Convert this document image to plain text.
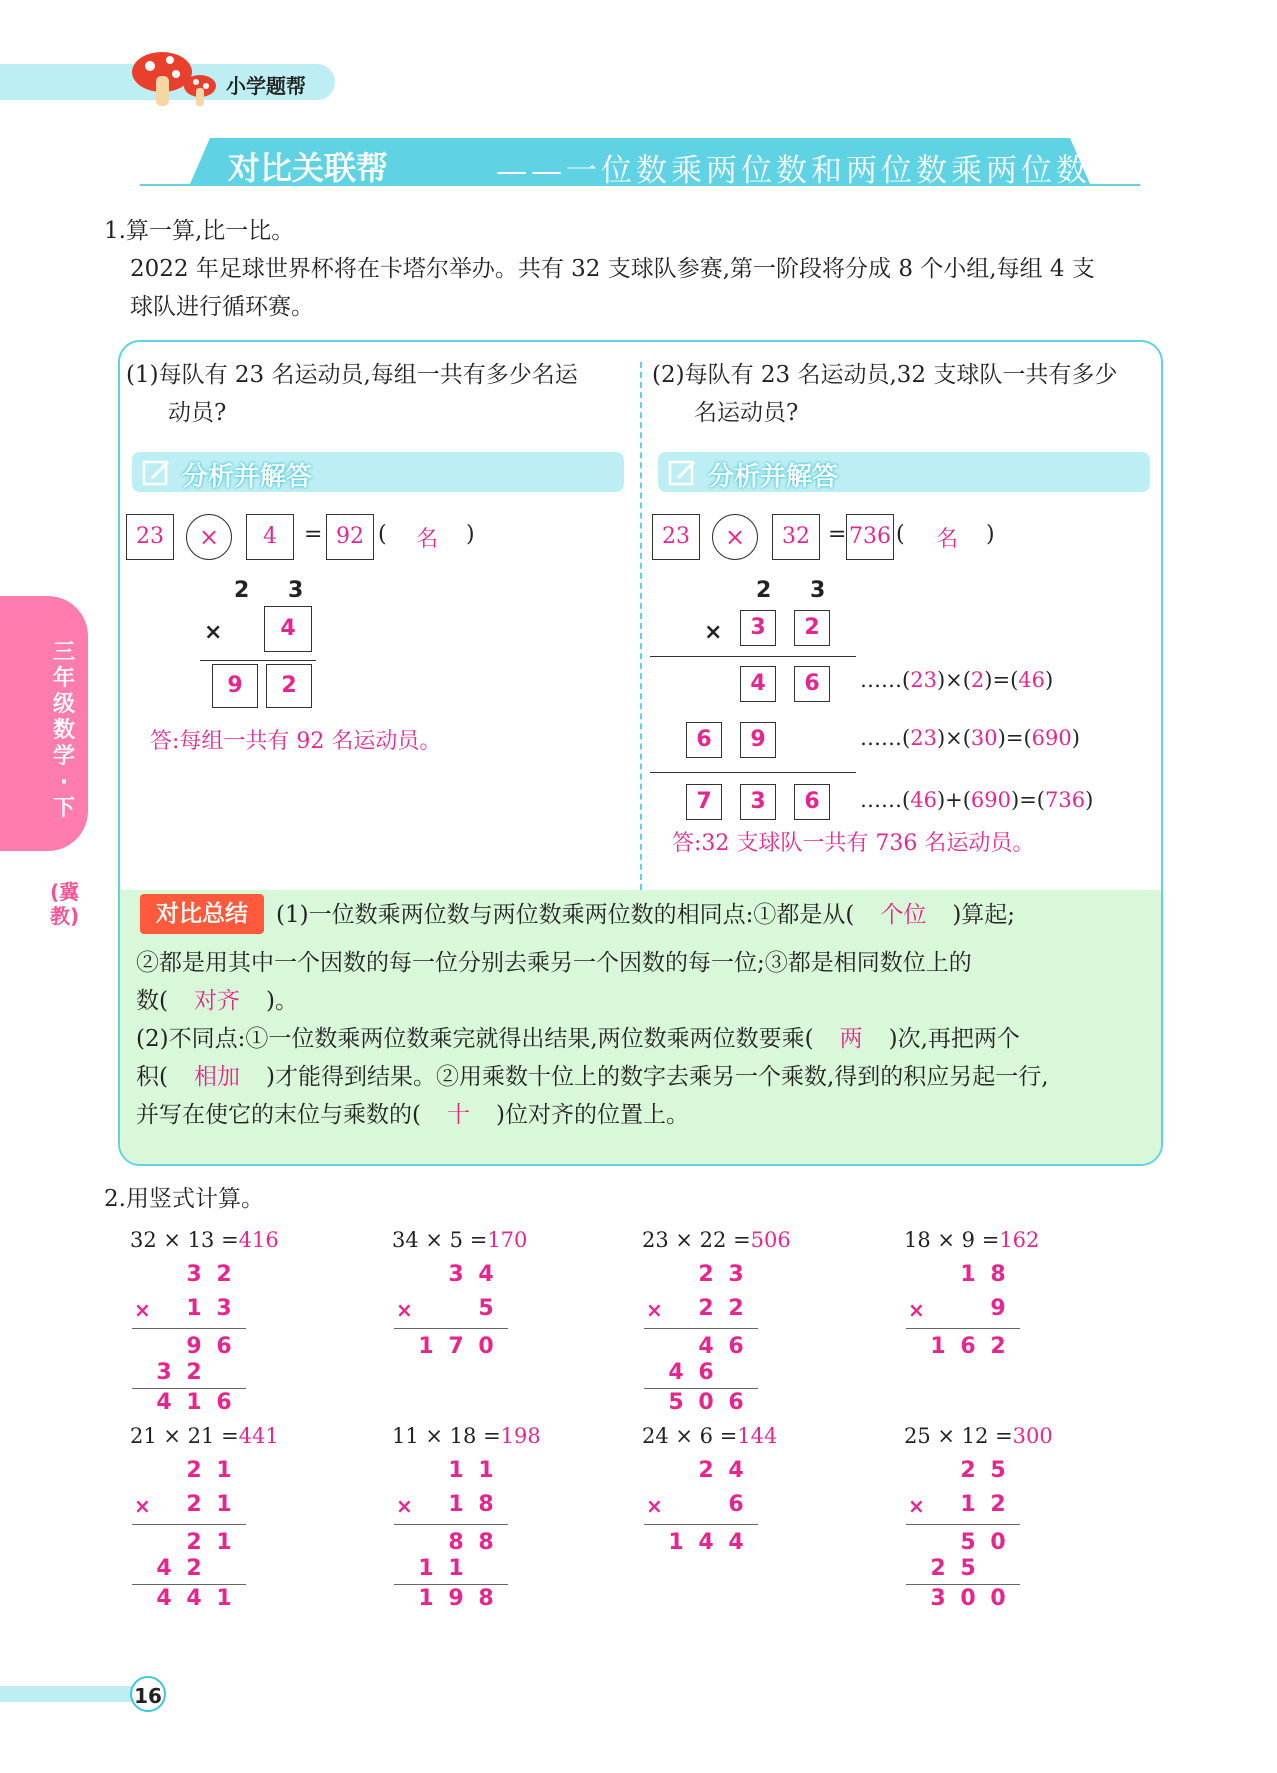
小学题帮
对比关联帮	——一位数乘两位数和两位数乘两位数
三年级数学·下
(冀教)
1.算一算,比一比。
2022 年足球世界杯将在卡塔尔举办。共有 32 支球队参赛,第一阶段将分成 8 个小组,每组 4 支
球队进行循环赛。
(1)每队有 23 名运动员,每组一共有多少名运
动员?
分析并解答
23	×	4	= 92 ( 名 )
2 3
×	4
9	2
答:每组一共有 92 名运动员。
(2)每队有 23 名运动员,32 支球队一共有多少
名运动员?
分析并解答
23	×	32 = 736 ( 名 )
2 3
×	3	2
4	6	……(23)×(2)=(46)
6	9	……(23)×(30)=(690)
7	3	6	……(46)+(690)=(736)
答:32 支球队一共有 736 名运动员。
对比总结	(1)一位数乘两位数与两位数乘两位数的相同点:①都是从( 个位 )算起;
②都是用其中一个因数的每一位分别去乘另一个因数的每一位;③都是相同数位上的
数( 对齐 )。
(2)不同点:①一位数乘两位数乘完就得出结果,两位数乘两位数要乘( 两 )次,再把两个
积( 相加 )才能得到结果。②用乘数十位上的数字去乘另一个乘数,得到的积应另起一行,
并写在使它的末位与乘数的( 十 )位对齐的位置上。
2.用竖式计算。
32 × 13 =416
3 2
× 1 3
9 6
3 2
4 1 6
34 × 5 =170
3 4
×	5
1 7 0
23 × 22 =506
2 3
× 2 2
4 6
4 6
5 0 6
18 × 9 =162
1 8
×	9
1 6 2
21 × 21 =441
2 1
× 2 1
2 1
4 2
4 4 1
11 × 18 =198
1 1
× 1 8
8 8
1 1
1 9 8
24 × 6 =144
2 4
×	6
1 4 4
25 × 12 =300
2 5
× 1 2
5 0
2 5
3 0 0
16
